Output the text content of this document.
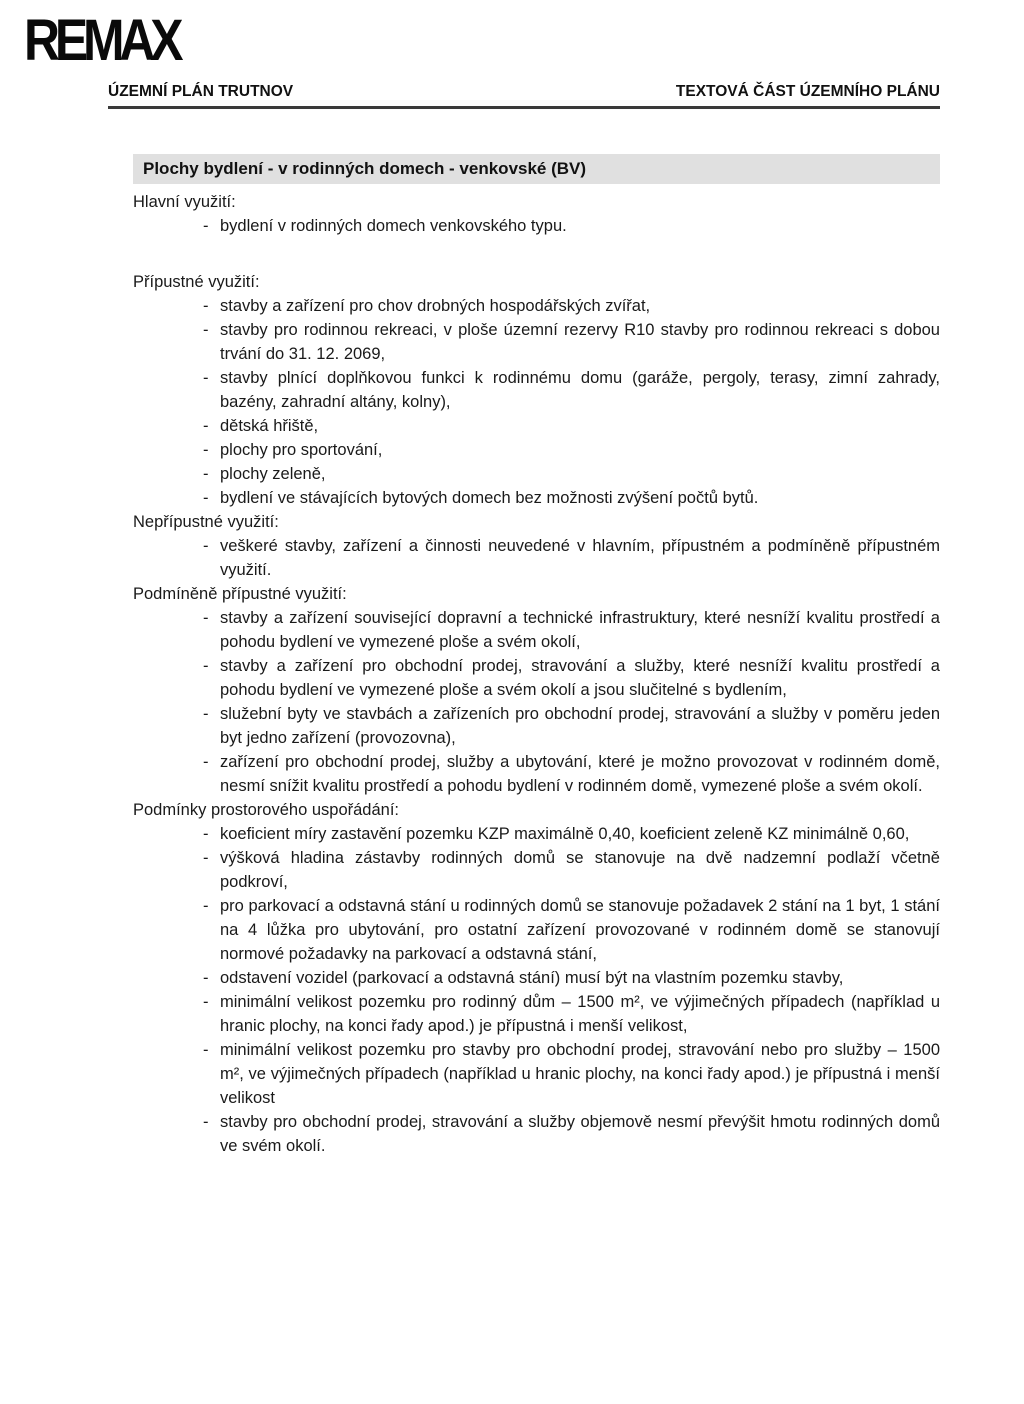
REMAX
ÚZEMNÍ PLÁN TRUTNOV	TEXTOVÁ ČÁST ÚZEMNÍHO PLÁNU
Plochy bydlení - v rodinných domech - venkovské (BV)
Hlavní využití:
- bydlení v rodinných domech venkovského typu.
Přípustné využití:
- stavby a zařízení pro chov drobných hospodářských zvířat,
- stavby pro rodinnou rekreaci, v ploše územní rezervy R10 stavby pro rodinnou rekreaci s dobou trvání do 31. 12. 2069,
- stavby plnící doplňkovou funkci k rodinnému domu (garáže, pergoly, terasy, zimní zahrady, bazény, zahradní altány, kolny),
- dětská hřiště,
- plochy pro sportování,
- plochy zeleně,
- bydlení ve stávajících bytových domech bez možnosti zvýšení počtů bytů.
Nepřípustné využití:
- veškeré stavby, zařízení a činnosti neuvedené v hlavním, přípustném a podmíněně přípustném využití.
Podmíněně přípustné využití:
- stavby a zařízení související dopravní a technické infrastruktury, které nesníží kvalitu prostředí a pohodu bydlení ve vymezené ploše a svém okolí,
- stavby a zařízení pro obchodní prodej, stravování a služby, které nesníží kvalitu prostředí a pohodu bydlení ve vymezené ploše a svém okolí a jsou slučitelné s bydlením,
- služební byty ve stavbách a zařízeních pro obchodní prodej, stravování a služby v poměru jeden byt jedno zařízení (provozovna),
- zařízení pro obchodní prodej, služby a ubytování, které je možno provozovat v rodinném domě, nesmí snížit kvalitu prostředí a pohodu bydlení v rodinném domě, vymezené ploše a svém okolí.
Podmínky prostorového uspořádání:
- koeficient míry zastavění pozemku KZP maximálně 0,40, koeficient zeleně KZ minimálně 0,60,
- výšková hladina zástavby rodinných domů se stanovuje na dvě nadzemní podlaží včetně podkroví,
- pro parkovací a odstavná stání u rodinných domů se stanovuje požadavek 2 stání na 1 byt, 1 stání na 4 lůžka pro ubytování, pro ostatní zařízení provozované v rodinném domě se stanovují normové požadavky na parkovací a odstavná stání,
- odstavení vozidel (parkovací a odstavná stání) musí být na vlastním pozemku stavby,
- minimální velikost pozemku pro rodinný dům – 1500 m², ve výjimečných případech (například u hranic plochy, na konci řady apod.) je přípustná i menší velikost,
- minimální velikost pozemku pro stavby pro obchodní prodej, stravování nebo pro služby – 1500 m², ve výjimečných případech (například u hranic plochy, na konci řady apod.) je přípustná i menší velikost
- stavby pro obchodní prodej, stravování a služby objemově nesmí převýšit hmotu rodinných domů ve svém okolí.
